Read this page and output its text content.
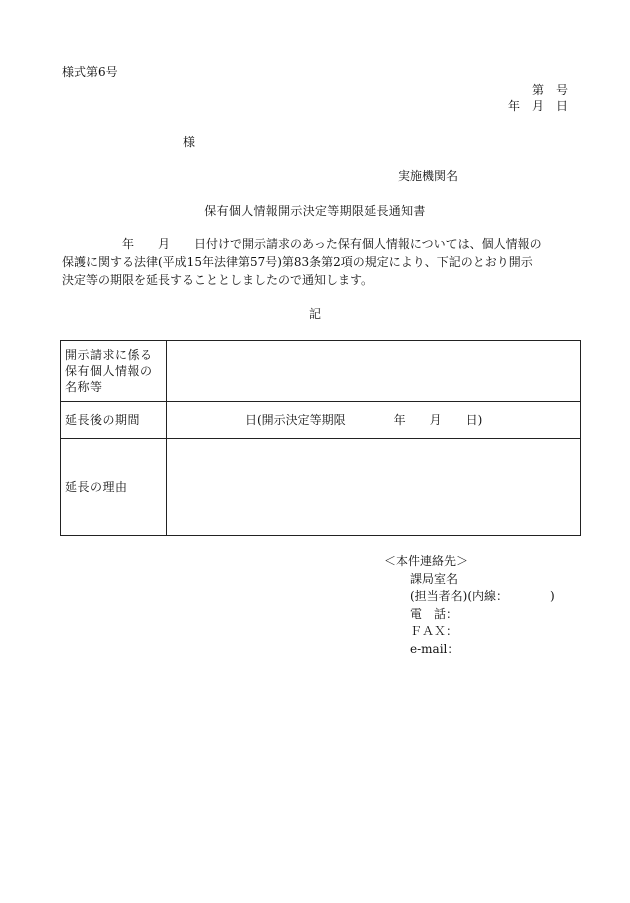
様式第6号
第　号
年　月　日
様
実施機関名
保有個人情報開示決定等期限延長通知書

　　　　　年　　月　　日付けで開示請求のあった保有個人情報については、個人情報の

保護に関する法律(平成15年法律第57号)第83条第2項の規定により、下記のとおり開示

決定等の期限を延長することとしましたので通知します。

記
開示請求に係る保有個人情報の名称等	
延長後の期間	日(開示決定等期限　　　　年　　月　　日)

延長の理由	
＜本件連絡先＞
課局室名
(担当者名)(内線：　　　　)
電　話：
ＦＡＸ：
e-mail：
